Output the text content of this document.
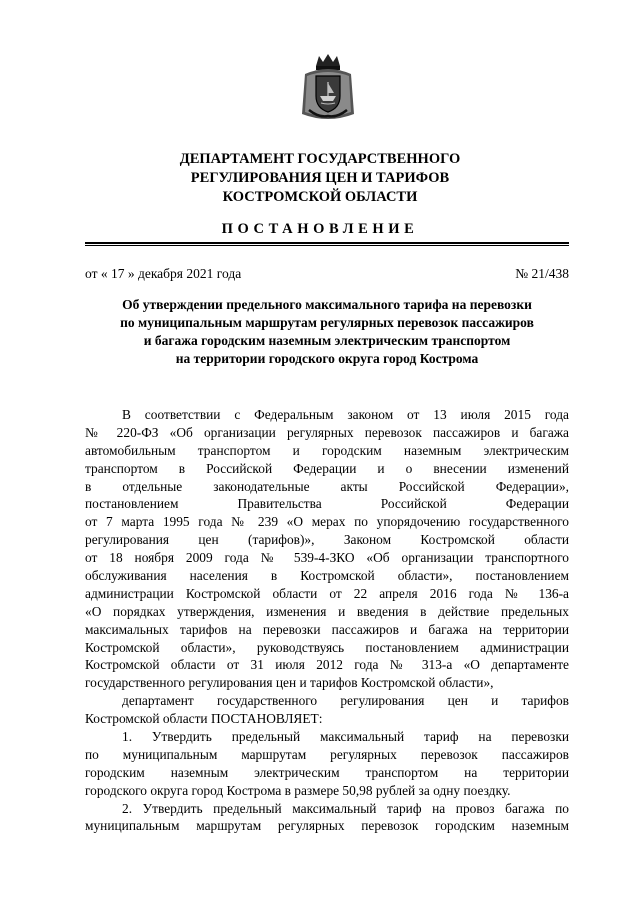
ДЕПАРТАМЕНТ ГОСУДАРСТВЕННОГО
РЕГУЛИРОВАНИЯ ЦЕН И ТАРИФОВ
КОСТРОМСКОЙ ОБЛАСТИ
ПОСТАНОВЛЕНИЕ
от « 17 » декабря 2021 года	№ 21/438
Об утверждении предельного максимального тарифа на перевозки
по муниципальным маршрутам регулярных перевозок пассажиров
и багажа городским наземным электрическим транспортом
на территории городского округа город Кострома
В соответствии с Федеральным законом от 13 июля 2015 года
№ 220-ФЗ «Об организации регулярных перевозок пассажиров и багажа
автомобильным транспортом и городским наземным электрическим
транспортом в Российской Федерации и о внесении изменений
в отдельные законодательные акты Российской Федерации»,
постановлением Правительства Российской Федерации
от 7 марта 1995 года № 239 «О мерах по упорядочению государственного
регулирования цен (тарифов)», Законом Костромской области
от 18 ноября 2009 года № 539-4-ЗКО «Об организации транспортного
обслуживания населения в Костромской области», постановлением
администрации Костромской области от 22 апреля 2016 года № 136-а
«О порядках утверждения, изменения и введения в действие предельных
максимальных тарифов на перевозки пассажиров и багажа на территории
Костромской области», руководствуясь постановлением администрации
Костромской области от 31 июля 2012 года № 313-а «О департаменте
государственного регулирования цен и тарифов Костромской области»,
департамент государственного регулирования цен и тарифов
Костромской области ПОСТАНОВЛЯЕТ:
1. Утвердить предельный максимальный тариф на перевозки
по муниципальным маршрутам регулярных перевозок пассажиров
городским наземным электрическим транспортом на территории
городского округа город Кострома в размере 50,98 рублей за одну поездку.
2. Утвердить предельный максимальный тариф на провоз багажа по
муниципальным маршрутам регулярных перевозок городским наземным
